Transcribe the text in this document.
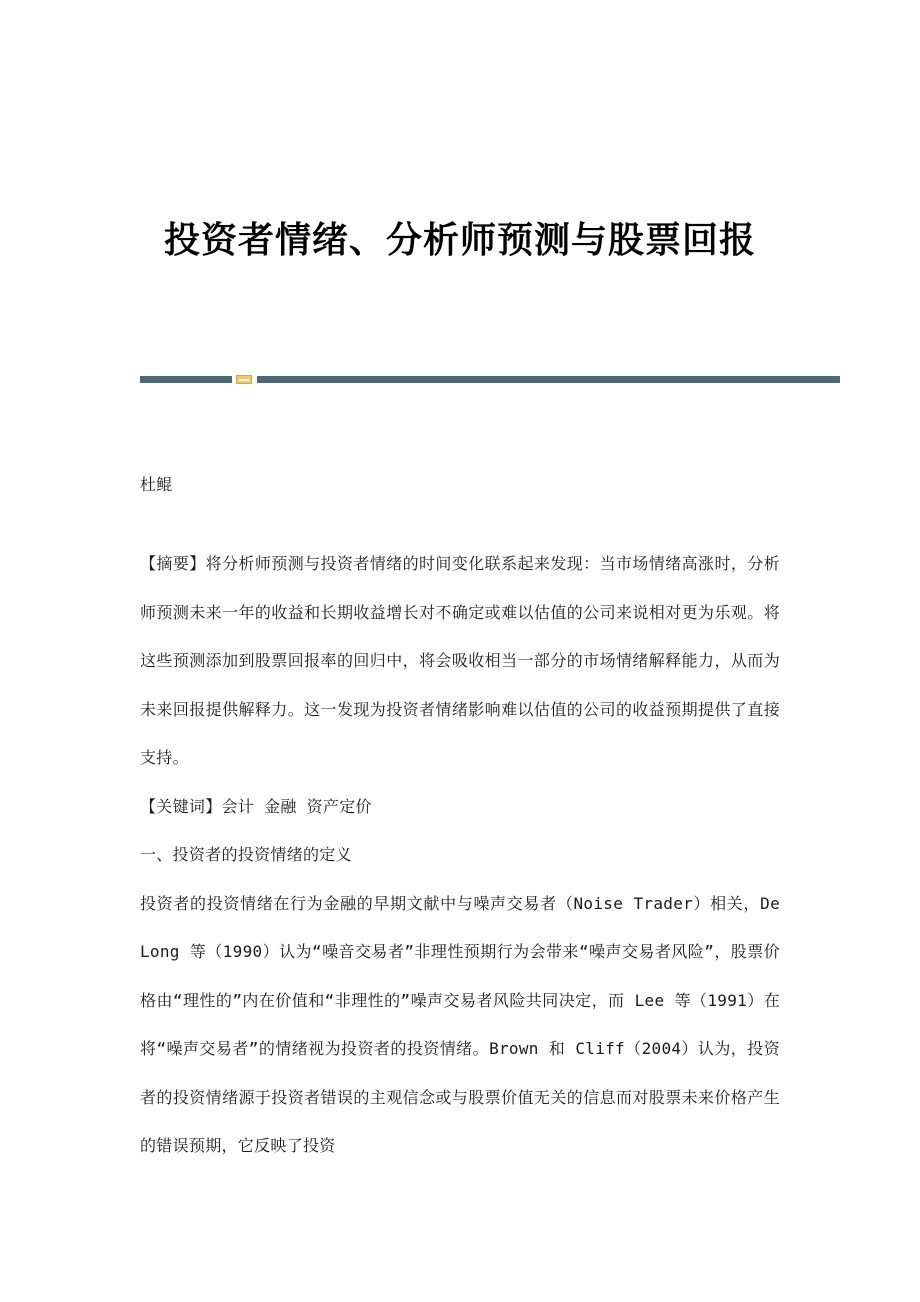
投资者情绪、分析师预测与股票回报
杜鲲
【摘要】将分析师预测与投资者情绪的时间变化联系起来发现：当市场情绪高涨时，分析师预测未来一年的收益和长期收益增长对不确定或难以估值的公司来说相对更为乐观。将这些预测添加到股票回报率的回归中，将会吸收相当一部分的市场情绪解释能力，从而为未来回报提供解释力。这一发现为投资者情绪影响难以估值的公司的收益预期提供了直接支持。
【关键词】会计 金融 资产定价
一、投资者的投资情绪的定义
投资者的投资情绪在行为金融的早期文献中与噪声交易者（Noise Trader）相关，De Long 等（1990）认为“噪音交易者”非理性预期行为会带来“噪声交易者风险”，股票价格由“理性的”内在价值和“非理性的”噪声交易者风险共同决定，而 Lee 等（1991）在将“噪声交易者”的情绪视为投资者的投资情绪。Brown 和 Cliff（2004）认为，投资者的投资情绪源于投资者错误的主观信念或与股票价值无关的信息而对股票未来价格产生的错误预期，它反映了投资
